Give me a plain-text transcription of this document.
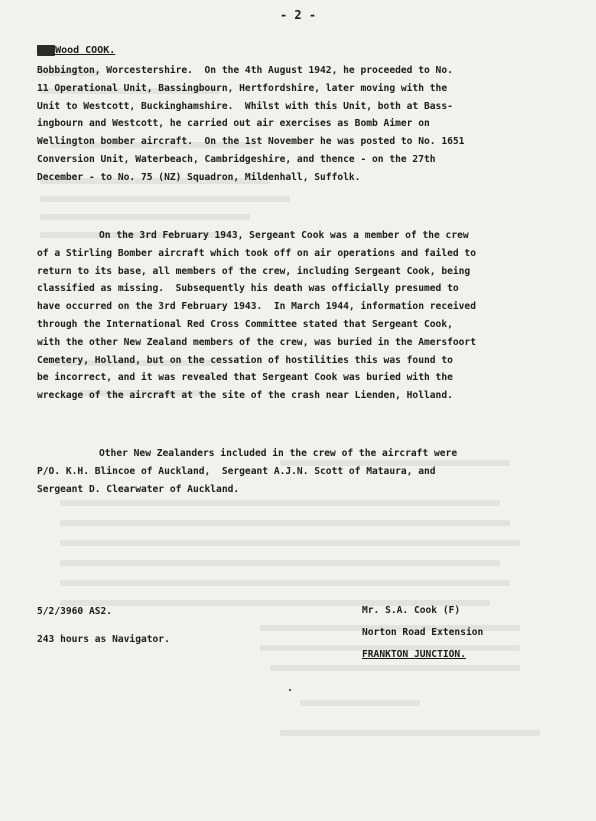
- 2 -
Wood COOK.
Bobbington, Worcestershire.  On the 4th August 1942, he proceeded to No.
11 Operational Unit, Bassingbourn, Hertfordshire, later moving with the
Unit to Westcott, Buckinghamshire.  Whilst with this Unit, both at Bass-
ingbourn and Westcott, he carried out air exercises as Bomb Aimer on
Wellington bomber aircraft.  On the 1st November he was posted to No. 1651
Conversion Unit, Waterbeach, Cambridgeshire, and thence - on the 27th
December - to No. 75 (NZ) Squadron, Mildenhall, Suffolk.
On the 3rd February 1943, Sergeant Cook was a member of the crew
of a Stirling Bomber aircraft which took off on air operations and failed to
return to its base, all members of the crew, including Sergeant Cook, being
classified as missing.  Subsequently his death was officially presumed to
have occurred on the 3rd February 1943.  In March 1944, information received
through the International Red Cross Committee stated that Sergeant Cook,
with the other New Zealand members of the crew, was buried in the Amersfoort
Cemetery, Holland, but on the cessation of hostilities this was found to
be incorrect, and it was revealed that Sergeant Cook was buried with the
wreckage of the aircraft at the site of the crash near Lienden, Holland.
Other New Zealanders included in the crew of the aircraft were
P/O. K.H. Blincoe of Auckland,  Sergeant A.J.N. Scott of Mataura, and
Sergeant D. Clearwater of Auckland.
5/2/3960 AS2.
243 hours as Navigator.
Mr. S.A. Cook (F)
Norton Road Extension
FRANKTON JUNCTION.
